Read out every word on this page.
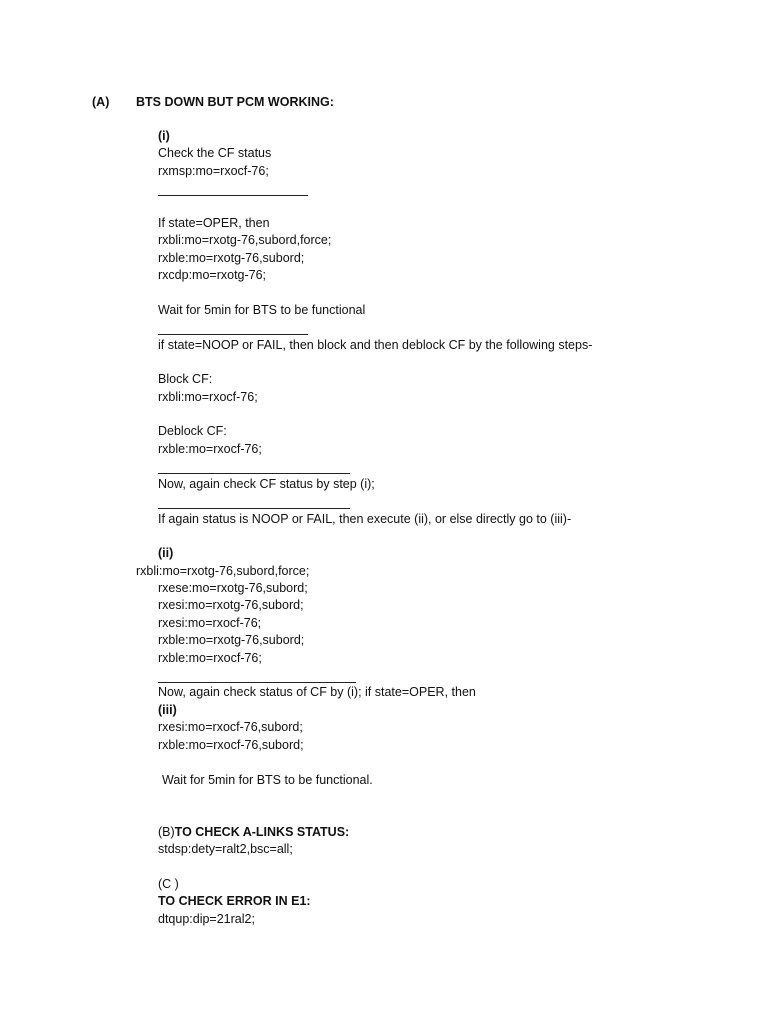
(A) BTS DOWN BUT PCM WORKING:
(i)
Check the CF status
rxmsp:mo=rxocf-76;
If state=OPER, then
rxbli:mo=rxotg-76,subord,force;
rxble:mo=rxotg-76,subord;
rxcdp:mo=rxotg-76;
Wait for 5min for BTS to be functional
if state=NOOP or FAIL, then block and then deblock CF by the following steps-
Block CF:
rxbli:mo=rxocf-76;
Deblock CF:
rxble:mo=rxocf-76;
Now, again check CF status by step (i);
If again status is NOOP or FAIL, then execute (ii), or else directly go to (iii)-
(ii)
rxbli:mo=rxotg-76,subord,force;
rxese:mo=rxotg-76,subord;
rxesi:mo=rxotg-76,subord;
rxesi:mo=rxocf-76;
rxble:mo=rxotg-76,subord;
rxble:mo=rxocf-76;
Now, again check status of CF by (i); if state=OPER, then
(iii)
rxesi:mo=rxocf-76,subord;
rxble:mo=rxocf-76,subord;
Wait for 5min for BTS to be functional.
(B)TO CHECK A-LINKS STATUS:
stdsp:dety=ralt2,bsc=all;
(C )
TO CHECK ERROR IN E1:
dtqup:dip=21ral2;
